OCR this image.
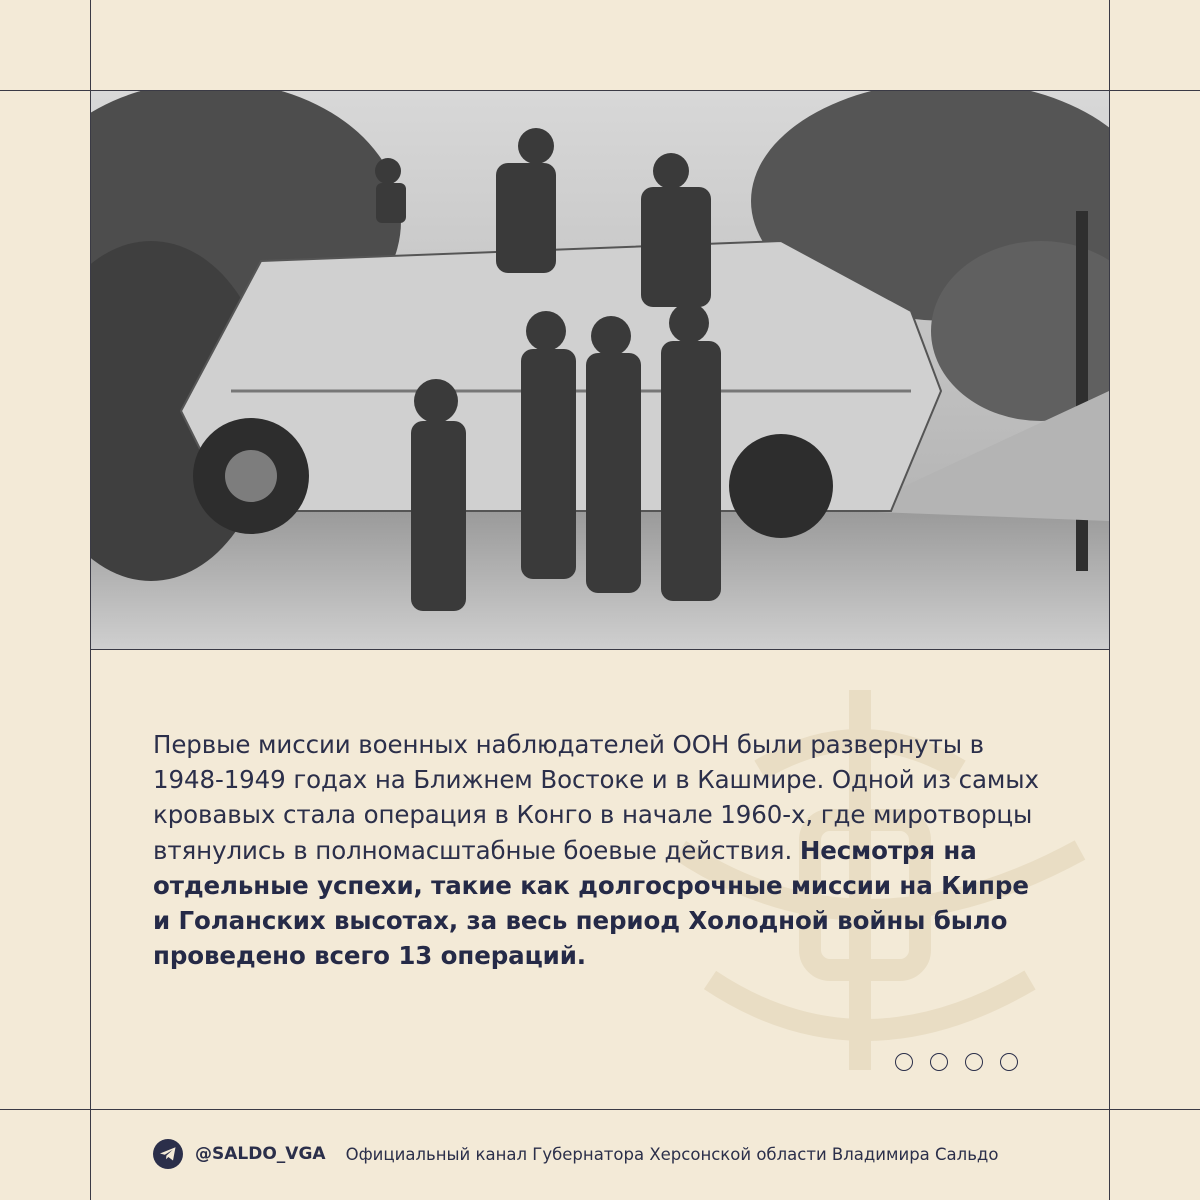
Первые миссии военных наблюдателей ООН были развернуты в 1948-1949 годах на Ближнем Востоке и в Кашмире. Одной из самых кровавых стала операция в Конго в начале 1960-х, где миротворцы втянулись в полномасштабные боевые действия. Несмотря на отдельные успехи, такие как долгосрочные миссии на Кипре и Голанских высотах, за весь период Холодной войны было проведено всего 13 операций.
@SALDO_VGA Официальный канал Губернатора Херсонской области Владимира Сальдо
